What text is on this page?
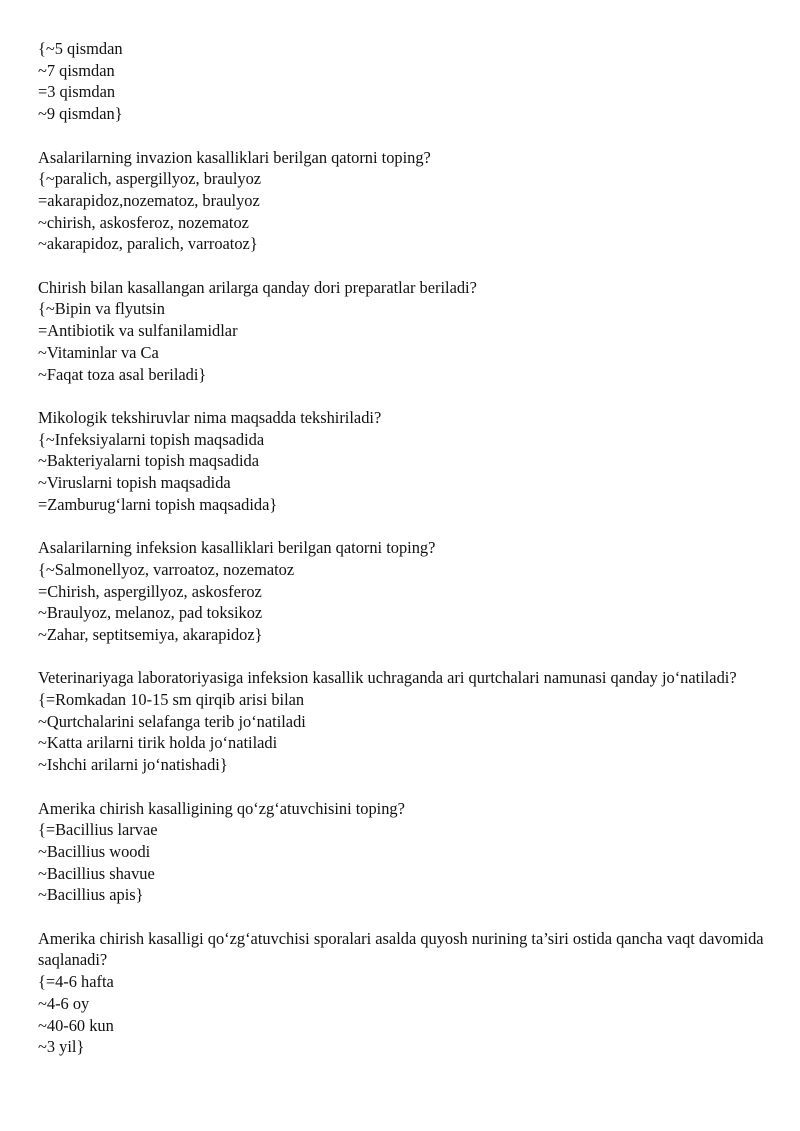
{~5 qismdan
~7 qismdan
=3 qismdan
~9 qismdan}
Asalarilarning invazion kasalliklari berilgan qatorni toping?
{~paralich, aspergillyoz, braulyoz
=akarapidoz,nozematoz, braulyoz
~chirish, askosferoz, nozematoz
~akarapidoz, paralich, varroatoz}
Chirish bilan kasallangan arilarga qanday dori preparatlar beriladi?
{~Bipin va flyutsin
=Antibiotik va sulfanilamidlar
~Vitaminlar va Ca
~Faqat toza asal beriladi}
Mikologik tekshiruvlar nima maqsadda tekshiriladi?
{~Infeksiyalarni topish maqsadida
~Bakteriyalarni topish maqsadida
~Viruslarni topish maqsadida
=Zamburug‘larni topish maqsadida}
Asalarilarning infeksion kasalliklari berilgan qatorni toping?
{~Salmonellyoz, varroatoz, nozematoz
=Chirish, aspergillyoz, askosferoz
~Braulyoz, melanoz, pad toksikoz
~Zahar, septitsemiya, akarapidoz}
Veterinariyaga laboratoriyasiga infeksion kasallik uchraganda ari qurtchalari namunasi qanday jo‘natiladi?
{=Romkadan 10-15 sm qirqib arisi bilan
~Qurtchalarini selafanga terib jo‘natiladi
~Katta arilarni tirik holda jo‘natiladi
~Ishchi arilarni jo‘natishadi}
Amerika chirish kasalligining qo‘zg‘atuvchisini toping?
{=Bacillius larvae
~Bacillius woodi
~Bacillius shavue
~Bacillius apis}
Amerika chirish kasalligi qo‘zg‘atuvchisi sporalari asalda quyosh nurining ta’siri ostida qancha vaqt davomida saqlanadi?
{=4-6 hafta
~4-6 oy
~40-60 kun
~3 yil}
